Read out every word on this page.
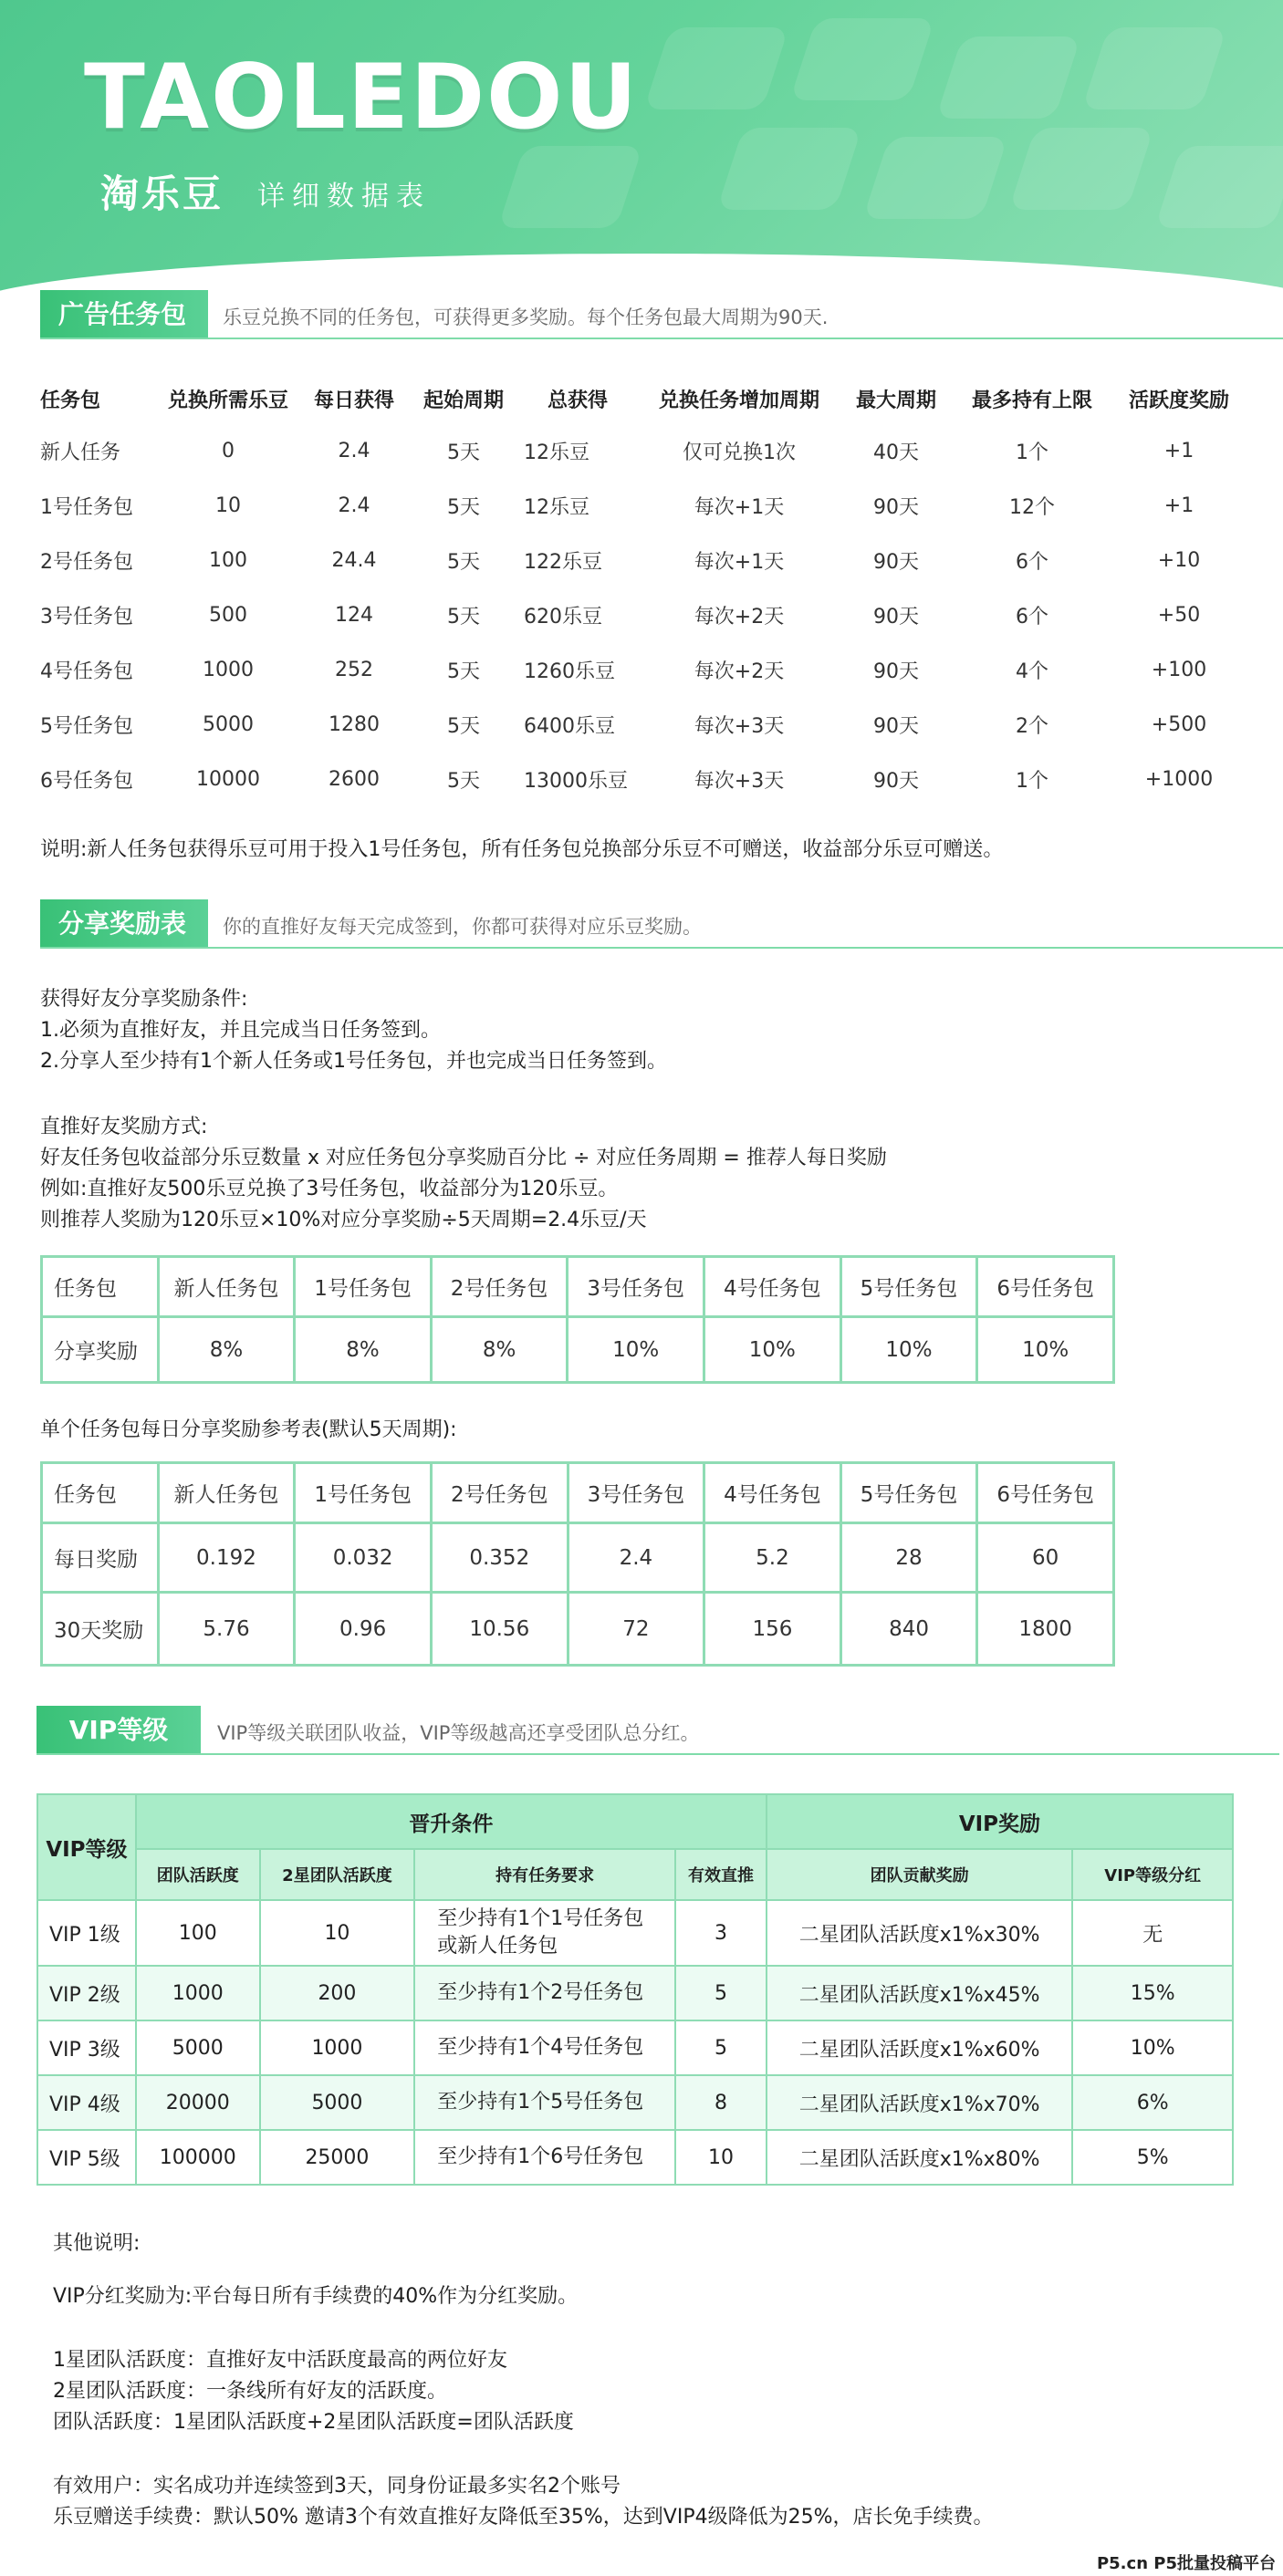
TAOLEDOU
淘乐豆 详细数据表
广告任务包	乐豆兑换不同的任务包，可获得更多奖励。每个任务包最大周期为90天.
任务包	兑换所需乐豆	每日获得	起始周期	总获得	兑换任务增加周期	最大周期	最多持有上限	活跃度奖励
新人任务	0	2.4	5天	12乐豆	仅可兑换1次	40天	1个	+1
1号任务包	10	2.4	5天	12乐豆	每次+1天	90天	12个	+1
2号任务包	100	24.4	5天	122乐豆	每次+1天	90天	6个	+10
3号任务包	500	124	5天	620乐豆	每次+2天	90天	6个	+50
4号任务包	1000	252	5天	1260乐豆	每次+2天	90天	4个	+100
5号任务包	5000	1280	5天	6400乐豆	每次+3天	90天	2个	+500
6号任务包	10000	2600	5天	13000乐豆	每次+3天	90天	1个	+1000
说明:新人任务包获得乐豆可用于投入1号任务包，所有任务包兑换部分乐豆不可赠送，收益部分乐豆可赠送。
分享奖励表	你的直推好友每天完成签到，你都可获得对应乐豆奖励。
获得好友分享奖励条件:
1.必须为直推好友，并且完成当日任务签到。
2.分享人至少持有1个新人任务或1号任务包，并也完成当日任务签到。
直推好友奖励方式:
好友任务包收益部分乐豆数量 x 对应任务包分享奖励百分比 ÷ 对应任务周期 = 推荐人每日奖励
例如:直推好友500乐豆兑换了3号任务包，收益部分为120乐豆。
则推荐人奖励为120乐豆×10%对应分享奖励÷5天周期=2.4乐豆/天
任务包	新人任务包	1号任务包	2号任务包	3号任务包	4号任务包	5号任务包	6号任务包
分享奖励	8%	8%	8%	10%	10%	10%	10%
单个任务包每日分享奖励参考表(默认5天周期):
任务包	新人任务包	1号任务包	2号任务包	3号任务包	4号任务包	5号任务包	6号任务包
每日奖励	0.192	0.032	0.352	2.4	5.2	28	60
30天奖励	5.76	0.96	10.56	72	156	840	1800
VIP等级	VIP等级关联团队收益，VIP等级越高还享受团队总分红。
VIP等级	晋升条件				VIP奖励	
	团队活跃度	2星团队活跃度	持有任务要求	有效直推	团队贡献奖励	VIP等级分红
VIP 1级	100	10	至少持有1个1号任务包
或新人任务包	3	二星团队活跃度x1%x30%	无
VIP 2级	1000	200	至少持有1个2号任务包	5	二星团队活跃度x1%x45%	15%
VIP 3级	5000	1000	至少持有1个4号任务包	5	二星团队活跃度x1%x60%	10%
VIP 4级	20000	5000	至少持有1个5号任务包	8	二星团队活跃度x1%x70%	6%
VIP 5级	100000	25000	至少持有1个6号任务包	10	二星团队活跃度x1%x80%	5%
其他说明:
VIP分红奖励为:平台每日所有手续费的40%作为分红奖励。
1星团队活跃度：直推好友中活跃度最高的两位好友
2星团队活跃度：一条线所有好友的活跃度。
团队活跃度：1星团队活跃度+2星团队活跃度=团队活跃度
有效用户：实名成功并连续签到3天，同身份证最多实名2个账号
乐豆赠送手续费：默认50% 邀请3个有效直推好友降低至35%，达到VIP4级降低为25%，店长免手续费。
P5.cn P5批量投稿平台
